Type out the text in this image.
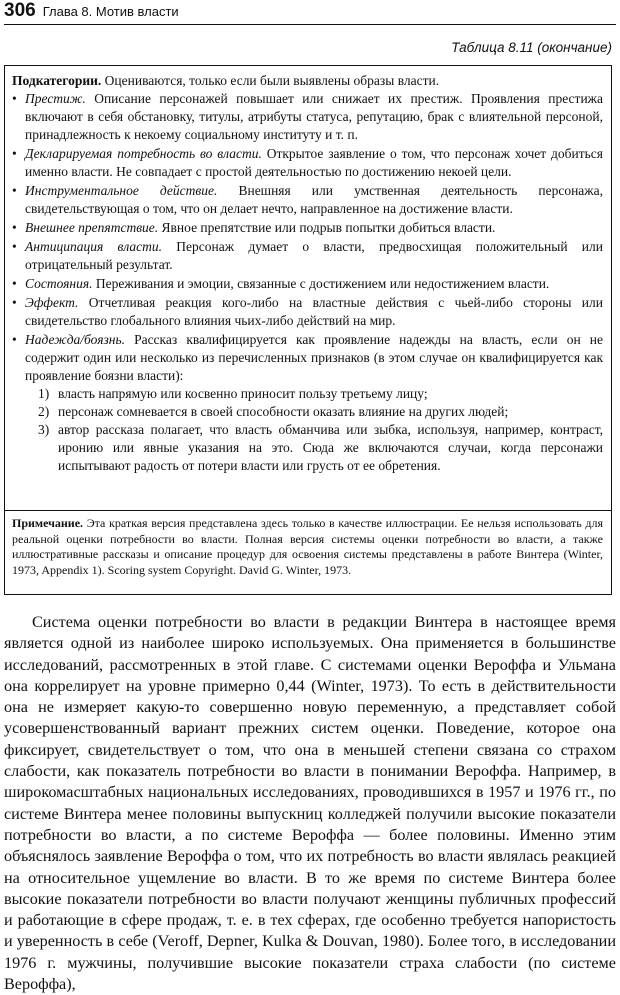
306 Глава 8. Мотив власти
Таблица 8.11 (окончание)

Подкатегории. Оцениваются, только если были выявлены образы власти.

• Престиж. Описание персонажей повышает или снижает их престиж. Проявления престижа включают в себя обстановку, титулы, атрибуты статуса, репутацию, брак с влиятельной персоной, принадлежность к некоему социальному институту и т. п.
• Декларируемая потребность во власти. Открытое заявление о том, что персонаж хочет добиться именно власти. Не совпадает с простой деятельностью по достижению некоей цели.
• Инструментальное действие. Внешняя или умственная деятельность персонажа, свидетельствующая о том, что он делает нечто, направленное на достижение власти.
• Внешнее препятствие. Явное препятствие или подрыв попытки добиться власти.
• Антиципация власти. Персонаж думает о власти, предвосхищая положительный или отрицательный результат.
• Состояния. Переживания и эмоции, связанные с достижением или недостижением власти.
• Эффект. Отчетливая реакция кого-либо на властные действия с чьей-либо стороны или свидетельство глобального влияния чьих-либо действий на мир.
• Надежда/боязнь. Рассказ квалифицируется как проявление надежды на власть, если он не содержит один или несколько из перечисленных признаков (в этом случае он квалифицируется как проявление боязни власти):
1) власть напрямую или косвенно приносит пользу третьему лицу;
2) персонаж сомневается в своей способности оказать влияние на других людей;
3) автор рассказа полагает, что власть обманчива или зыбка, используя, например, контраст, иронию или явные указания на это. Сюда же включаются случаи, когда персонажи испытывают радость от потери власти или грусть от ее обретения.
Примечание. Эта краткая версия представлена здесь только в качестве иллюстрации. Ее нельзя использовать для реальной оценки потребности во власти. Полная версия системы оценки потребности во власти, а также иллюстративные рассказы и описание процедур для освоения системы представлены в работе Винтера (Winter, 1973, Appendix 1). Scoring system Copyright. David G. Winter, 1973.

Система оценки потребности во власти в редакции Винтера в настоящее время является одной из наиболее широко используемых. Она применяется в большинстве исследований, рассмотренных в этой главе. С системами оценки Вероффа и Ульмана она коррелирует на уровне примерно 0,44 (Winter, 1973). То есть в действительности она не измеряет какую-то совершенно новую переменную, а представляет собой усовершенствованный вариант прежних систем оценки. Поведение, которое она фиксирует, свидетельствует о том, что она в меньшей степени связана со страхом слабости, как показатель потребности во власти в понимании Вероффа. Например, в широкомасштабных национальных исследованиях, проводившихся в 1957 и 1976 гг., по системе Винтера менее половины выпускниц колледжей получили высокие показатели потребности во власти, а по системе Вероффа — более половины. Именно этим объяснялось заявление Вероффа о том, что их потребность во власти являлась реакцией на относительное ущемление во власти. В то же время по системе Винтера более высокие показатели потребности во власти получают женщины публичных профессий и работающие в сфере продаж, т. е. в тех сферах, где особенно требуется напористость и уверенность в себе (Veroff, Depner, Kulka & Douvan, 1980). Более того, в исследовании 1976 г. мужчины, получившие высокие показатели страха слабости (по системе Вероффа),
